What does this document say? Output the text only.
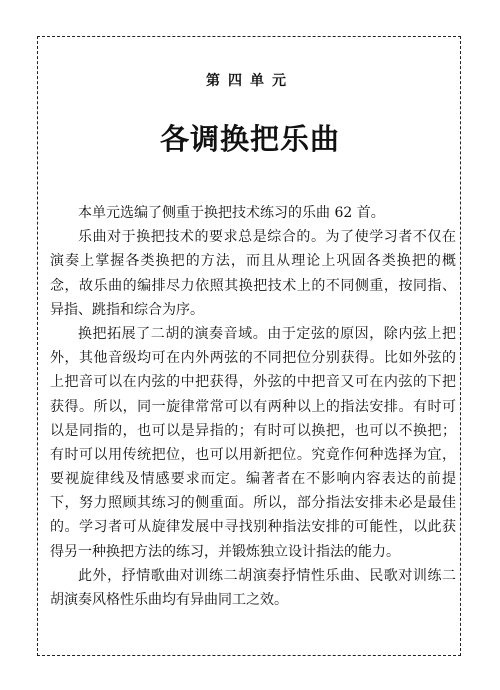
第四单元
各调换把乐曲
本单元选编了侧重于换把技术练习的乐曲 62 首。
乐曲对于换把技术的要求总是综合的。为了使学习者不仅在
演奏上掌握各类换把的方法，而且从理论上巩固各类换把的概
念，故乐曲的编排尽力依照其换把技术上的不同侧重，按同指、
异指、跳指和综合为序。
换把拓展了二胡的演奏音域。由于定弦的原因，除内弦上把
外，其他音级均可在内外两弦的不同把位分别获得。比如外弦的
上把音可以在内弦的中把获得，外弦的中把音又可在内弦的下把
获得。所以，同一旋律常常可以有两种以上的指法安排。有时可
以是同指的，也可以是异指的；有时可以换把，也可以不换把；
有时可以用传统把位，也可以用新把位。究竟作何种选择为宜，
要视旋律线及情感要求而定。编著者在不影响内容表达的前提
下，努力照顾其练习的侧重面。所以，部分指法安排未必是最佳
的。学习者可从旋律发展中寻找别种指法安排的可能性，以此获
得另一种换把方法的练习，并锻炼独立设计指法的能力。
此外，抒情歌曲对训练二胡演奏抒情性乐曲、民歌对训练二
胡演奏风格性乐曲均有异曲同工之效。
